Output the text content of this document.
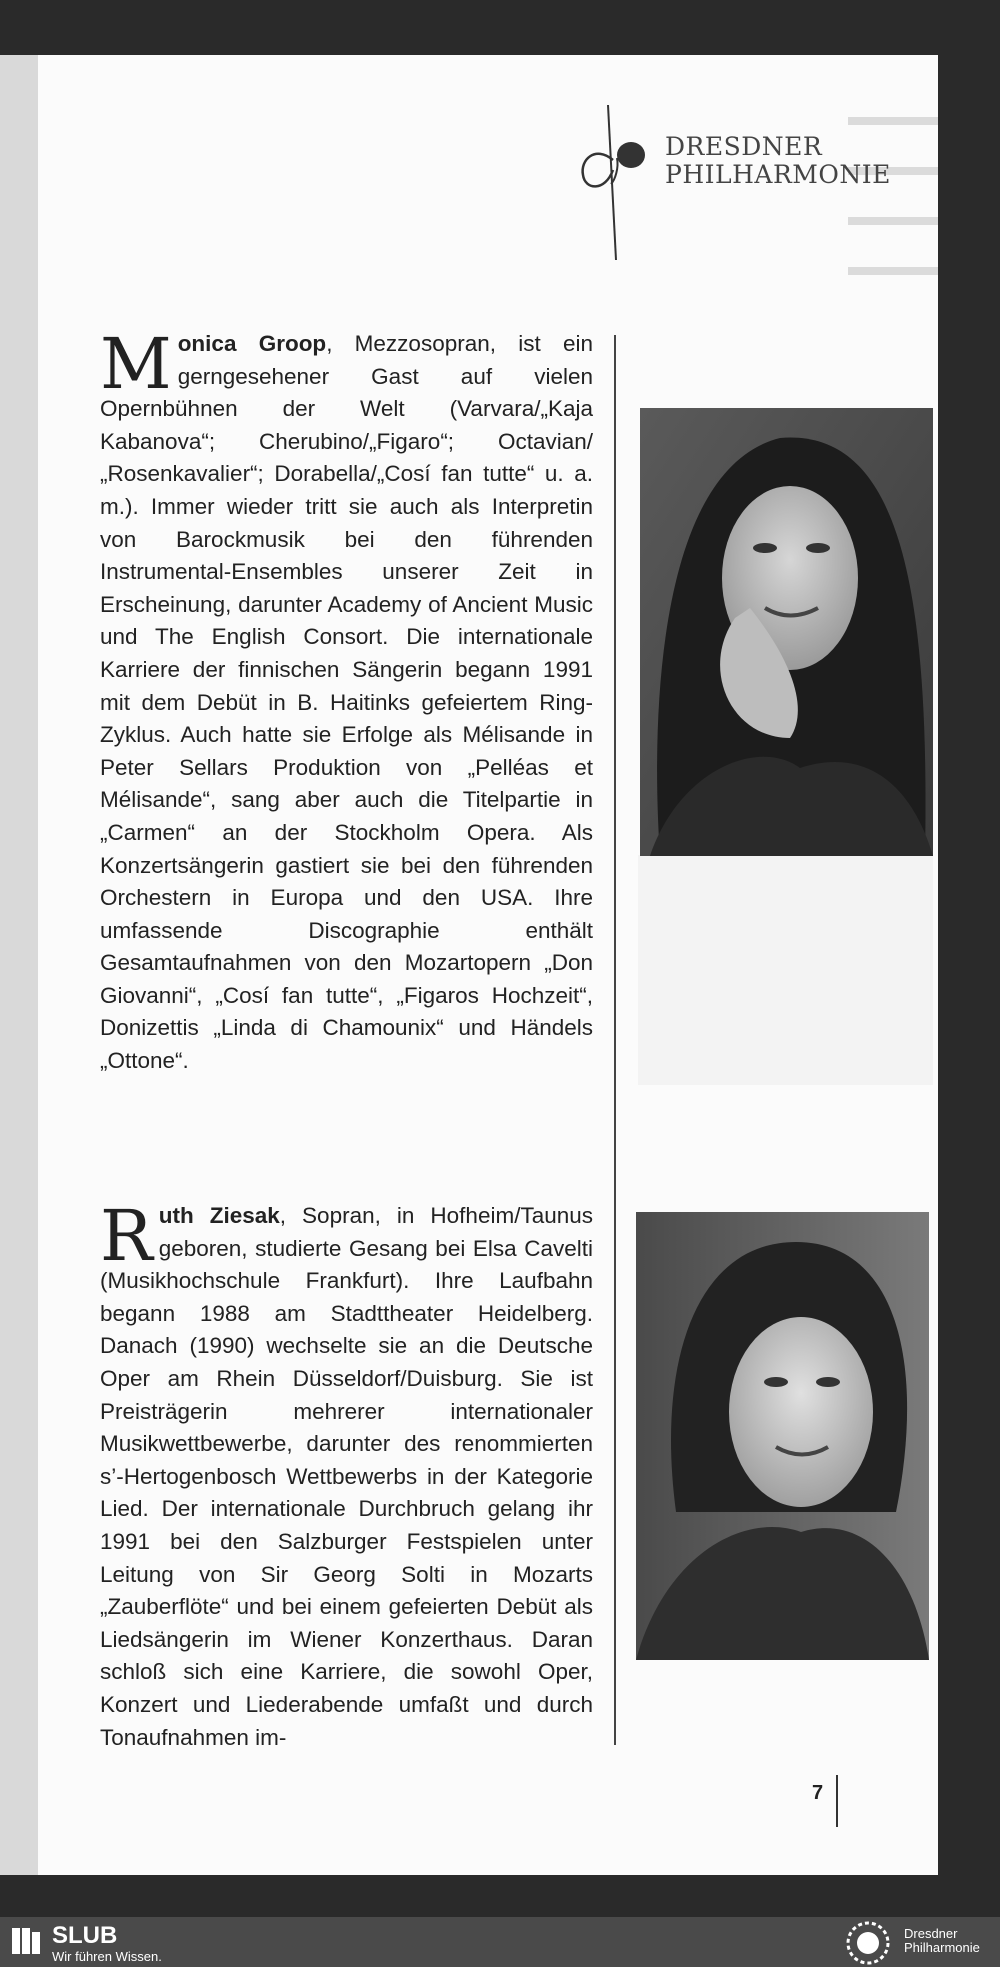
DRESDNER
PHILHARMONIE

Monica Groop, Mezzosopran, ist ein gerngesehener Gast auf vielen Opernbühnen der Welt (Varvara/„Kaja Kabanova“; Cherubino/„Figaro“; Octavian/„Rosenkavalier“; Dorabella/„Cosí fan tutte“ u. a. m.). Immer wieder tritt sie auch als Interpretin von Barockmusik bei den führenden Instrumental-Ensembles unserer Zeit in Erscheinung, darunter Academy of Ancient Music und The English Consort. Die internationale Karriere der finnischen Sängerin begann 1991 mit dem Debüt in B. Haitinks gefeiertem Ring-Zyklus. Auch hatte sie Erfolge als Mélisande in Peter Sellars Produktion von „Pelléas et Mélisande“, sang aber auch die Titelpartie in „Carmen“ an der Stockholm Opera. Als Konzertsängerin gastiert sie bei den führenden Orchestern in Europa und den USA. Ihre umfassende Discographie enthält Gesamtaufnahmen von den Mozartopern „Don Giovanni“, „Cosí fan tutte“, „Figaros Hochzeit“, Donizettis „Linda di Chamounix“ und Händels „Ottone“.

Ruth Ziesak, Sopran, in Hofheim/Taunus geboren, studierte Gesang bei Elsa Cavelti (Musikhochschule Frankfurt). Ihre Laufbahn begann 1988 am Stadttheater Heidelberg. Danach (1990) wechselte sie an die Deutsche Oper am Rhein Düsseldorf/Duisburg. Sie ist Preisträgerin mehrerer internationaler Musikwettbewerbe, darunter des renommierten s’-Hertogenbosch Wettbewerbs in der Kategorie Lied. Der internationale Durchbruch gelang ihr 1991 bei den Salzburger Festspielen unter Leitung von Sir Georg Solti in Mozarts „Zauberflöte“ und bei einem gefeierten Debüt als Liedsängerin im Wiener Konzerthaus. Daran schloß sich eine Karriere, die sowohl Oper, Konzert und Liederabende umfaßt und durch Tonaufnahmen im-

7
SLUB
Wir führen Wissen.
Dresdner
Philharmonie
